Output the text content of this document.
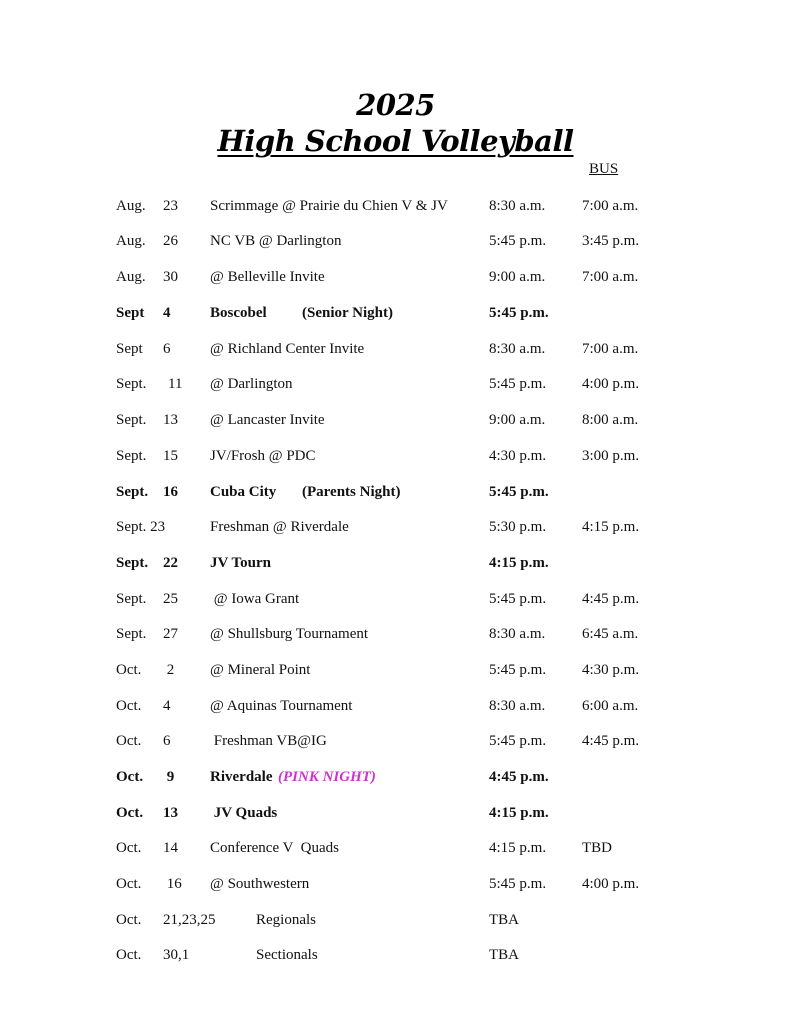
2025
High School Volleyball
BUS
Aug. 23 Scrimmage @ Prairie du Chien V & JV	8:30 a.m. 7:00 a.m.
Aug. 26 NC VB @ Darlington	5:45 p.m. 3:45 p.m.
Aug. 30 @ Belleville Invite	9:00 a.m. 7:00 a.m.
Sept 4	Boscobel (Senior Night)	5:45 p.m.
Sept 6	@ Richland Center Invite	8:30 a.m. 7:00 a.m.
Sept. 11 @ Darlington	5:45 p.m. 4:00 p.m.
Sept. 13 @ Lancaster Invite	9:00 a.m. 8:00 a.m.
Sept. 15 JV/Frosh @ PDC	4:30 p.m. 3:00 p.m.
Sept. 16 Cuba City (Parents Night)	5:45 p.m.
Sept. 23	Freshman @ Riverdale	5:30 p.m. 4:15 p.m.
Sept. 22 JV Tourn	4:15 p.m.
Sept. 25 @ Iowa Grant	5:45 p.m. 4:45 p.m.
Sept. 27 @ Shullsburg Tournament	8:30 a.m. 6:45 a.m.
Oct. 2 @ Mineral Point	5:45 p.m. 4:30 p.m.
Oct. 4	@ Aquinas Tournament	8:30 a.m. 6:00 a.m.
Oct. 6	Freshman VB@IG	5:45 p.m. 4:45 p.m.
Oct. 9 Riverdale (PINK NIGHT)	4:45 p.m.
Oct. 13 JV Quads	4:15 p.m.
Oct. 14 Conference V  Quads	4:15 p.m. TBD
Oct. 16 @ Southwestern	5:45 p.m. 4:00 p.m.
Oct. 21,23,25	Regionals	TBA
Oct. 30,1	Sectionals	TBA
